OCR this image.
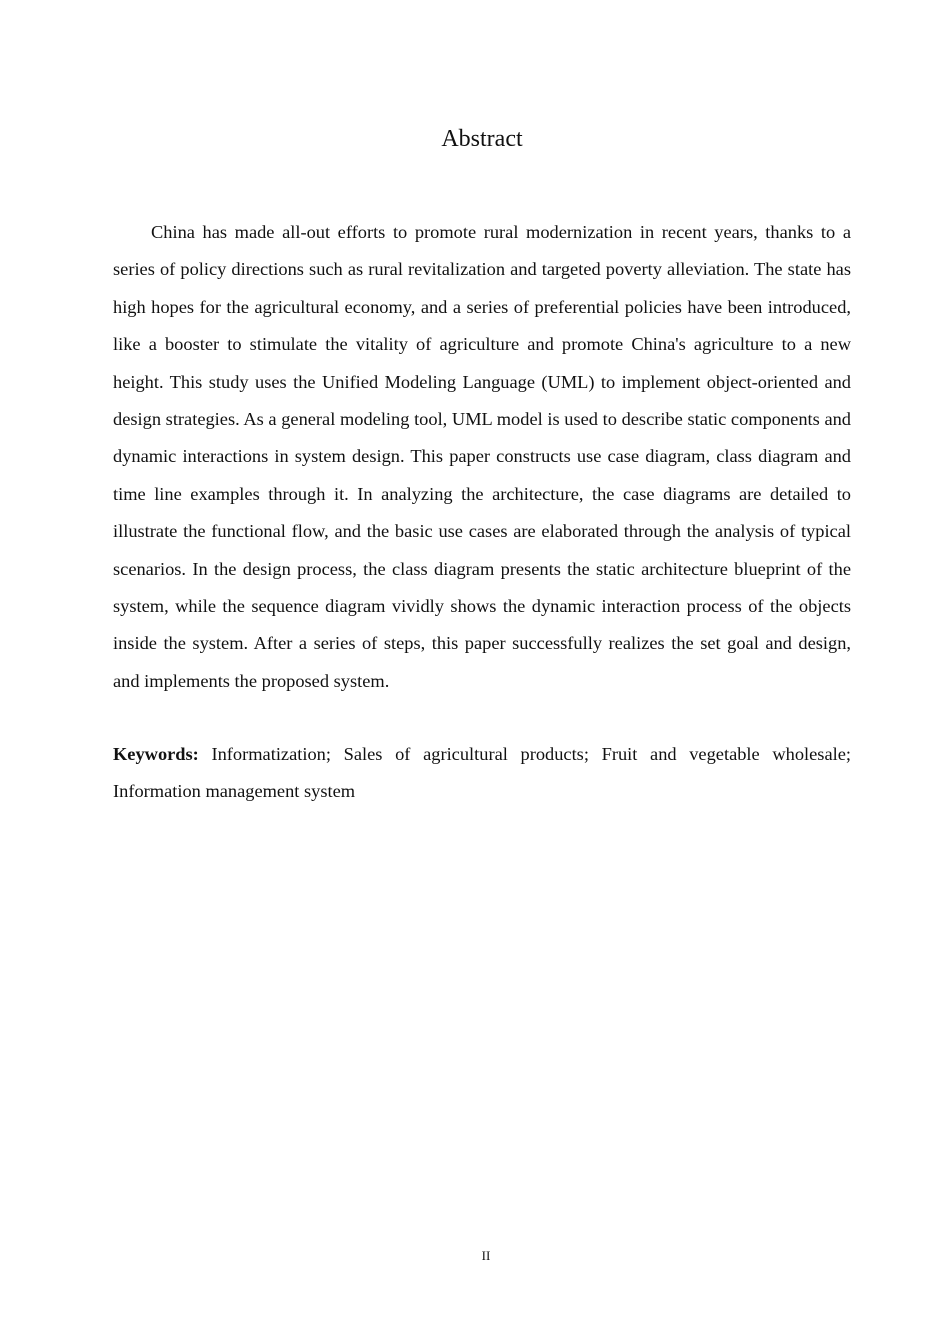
Abstract

China has made all-out efforts to promote rural modernization in recent years, thanks to a series of policy directions such as rural revitalization and targeted poverty alleviation. The state has high hopes for the agricultural economy, and a series of preferential policies have been introduced, like a booster to stimulate the vitality of agriculture and promote China's agriculture to a new height. This study uses the Unified Modeling Language (UML) to implement object-oriented and design strategies. As a general modeling tool, UML model is used to describe static components and dynamic interactions in system design. This paper constructs use case diagram, class diagram and time line examples through it. In analyzing the architecture, the case diagrams are detailed to illustrate the functional flow, and the basic use cases are elaborated through the analysis of typical scenarios. In the design process, the class diagram presents the static architecture blueprint of the system, while the sequence diagram vividly shows the dynamic interaction process of the objects inside the system. After a series of steps, this paper successfully realizes the set goal and design, and implements the proposed system.

Keywords: Informatization; Sales of agricultural products; Fruit and vegetable wholesale; Information management system

II
